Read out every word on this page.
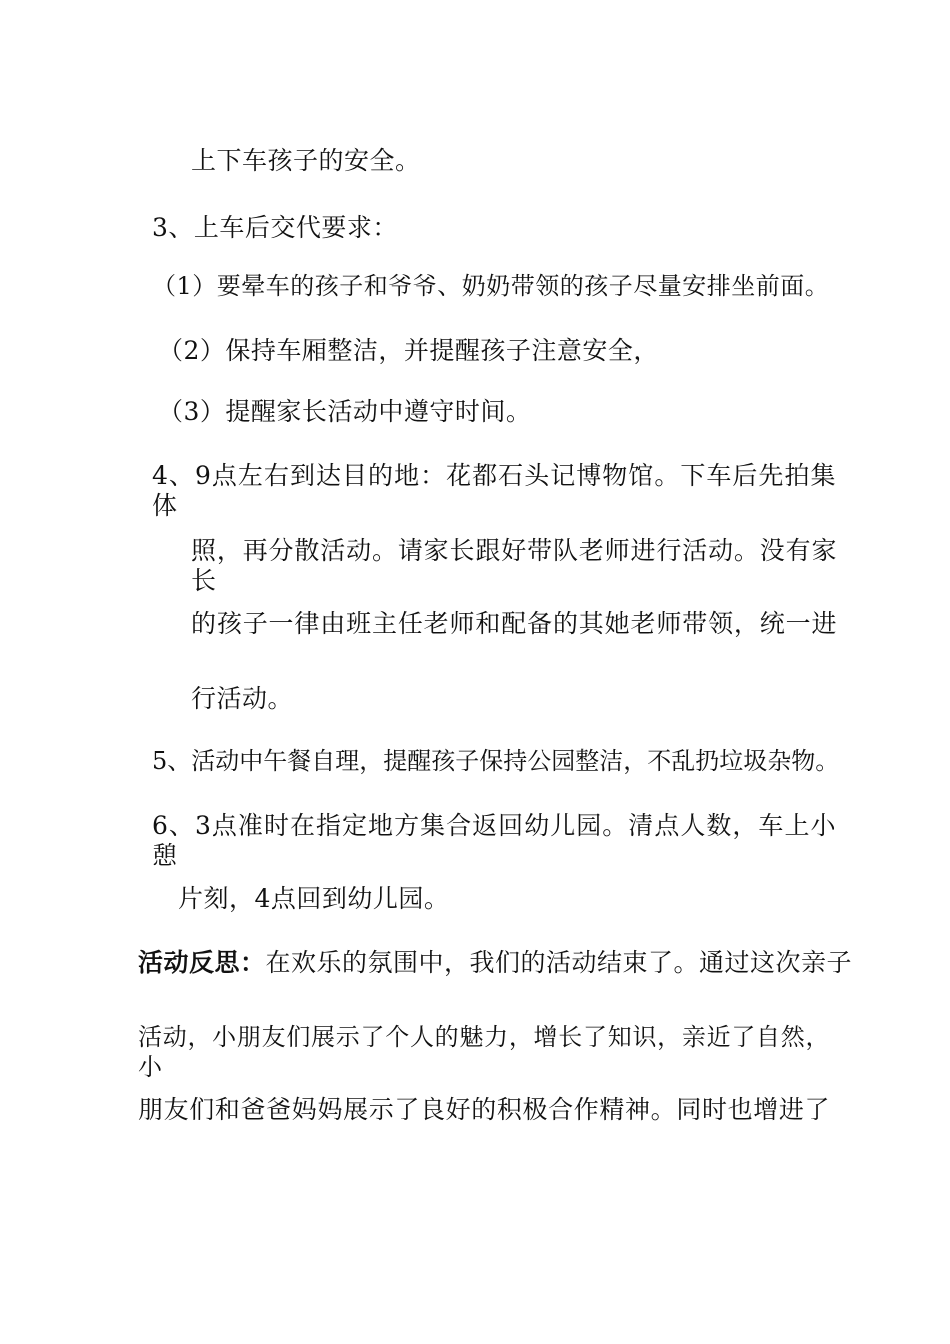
上下车孩子的安全。
3、上车后交代要求：
（1）要晕车的孩子和爷爷、奶奶带领的孩子尽量安排坐前面。
（2）保持车厢整洁，并提醒孩子注意安全，
（3）提醒家长活动中遵守时间。
4、9点左右到达目的地：花都石头记博物馆。下车后先拍集体
照，再分散活动。请家长跟好带队老师进行活动。没有家长
的孩子一律由班主任老师和配备的其她老师带领，统一进
行活动。
5、活动中午餐自理，提醒孩子保持公园整洁，不乱扔垃圾杂物。
6、3点准时在指定地方集合返回幼儿园。清点人数，车上小憩
片刻，4点回到幼儿园。
活动反思：在欢乐的氛围中，我们的活动结束了。通过这次亲子
活动，小朋友们展示了个人的魅力，增长了知识，亲近了自然，小
朋友们和爸爸妈妈展示了良好的积极合作精神。同时也增进了
